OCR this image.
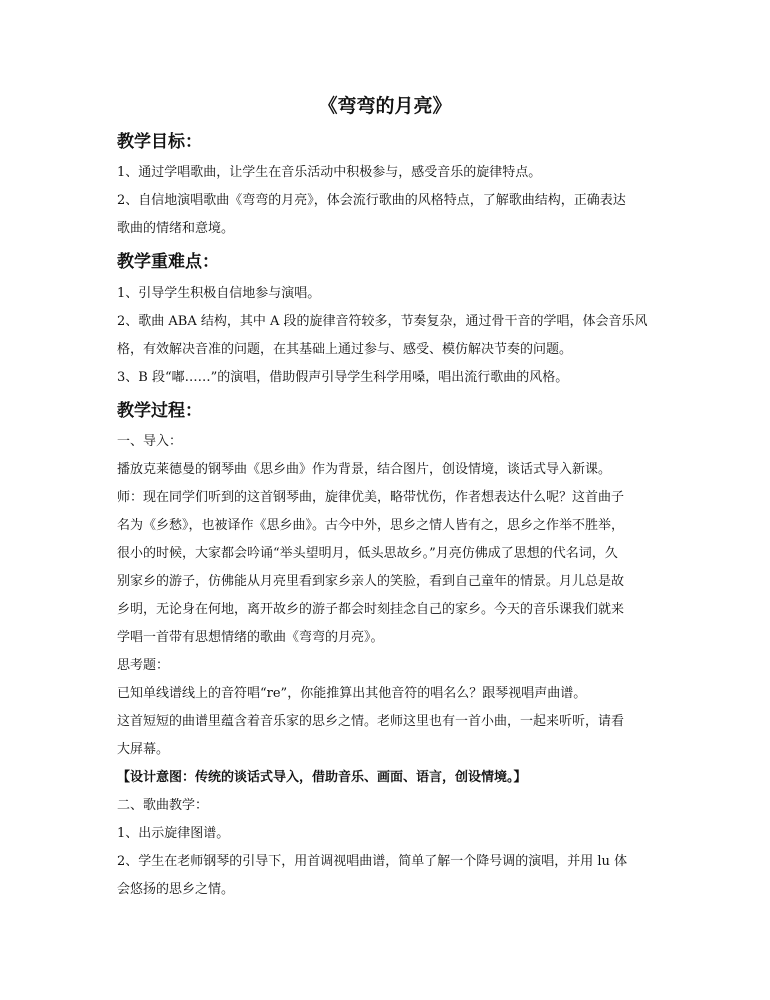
《弯弯的月亮》
教学目标：
1、通过学唱歌曲，让学生在音乐活动中积极参与，感受音乐的旋律特点。
2、自信地演唱歌曲《弯弯的月亮》，体会流行歌曲的风格特点，了解歌曲结构，正确表达
歌曲的情绪和意境。
教学重难点：
1、引导学生积极自信地参与演唱。
2、歌曲 ABA 结构，其中 A 段的旋律音符较多，节奏复杂，通过骨干音的学唱，体会音乐风
格，有效解决音准的问题，在其基础上通过参与、感受、模仿解决节奏的问题。
3、B 段“嘟……”的演唱，借助假声引导学生科学用嗓，唱出流行歌曲的风格。
教学过程：
一、导入：
播放克莱德曼的钢琴曲《思乡曲》作为背景，结合图片，创设情境，谈话式导入新课。
师：现在同学们听到的这首钢琴曲，旋律优美，略带忧伤，作者想表达什么呢？这首曲子
名为《乡愁》，也被译作《思乡曲》。古今中外，思乡之情人皆有之，思乡之作举不胜举，
很小的时候，大家都会吟诵“举头望明月，低头思故乡。”月亮仿佛成了思想的代名词，久
别家乡的游子，仿佛能从月亮里看到家乡亲人的笑脸，看到自己童年的情景。月儿总是故
乡明，无论身在何地，离开故乡的游子都会时刻挂念自己的家乡。今天的音乐课我们就来
学唱一首带有思想情绪的歌曲《弯弯的月亮》。
思考题：
已知单线谱线上的音符唱“re”，你能推算出其他音符的唱名么？跟琴视唱声曲谱。
这首短短的曲谱里蕴含着音乐家的思乡之情。老师这里也有一首小曲，一起来听听，请看
大屏幕。
【设计意图：传统的谈话式导入，借助音乐、画面、语言，创设情境。】
二、歌曲教学：
1、出示旋律图谱。
2、学生在老师钢琴的引导下，用首调视唱曲谱，简单了解一个降号调的演唱，并用 lu 体
会悠扬的思乡之情。
